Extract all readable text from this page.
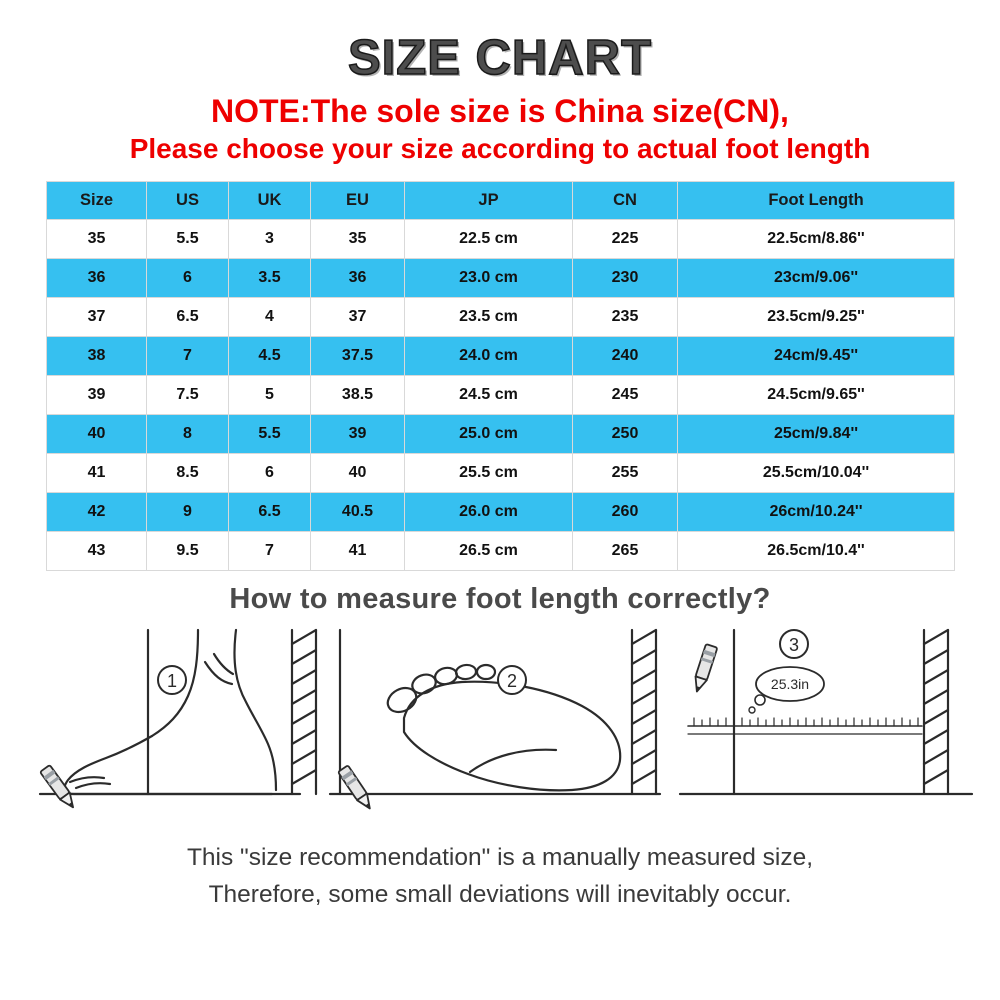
SIZE CHART

NOTE:The sole size is China size(CN),

Please choose your size according to actual foot length

Size	US	UK	EU	JP	CN	Foot Length
35	5.5	3	35	22.5 cm	225	22.5cm/8.86''
36	6	3.5	36	23.0 cm	230	23cm/9.06''
37	6.5	4	37	23.5 cm	235	23.5cm/9.25''
38	7	4.5	37.5	24.0 cm	240	24cm/9.45''
39	7.5	5	38.5	24.5 cm	245	24.5cm/9.65''
40	8	5.5	39	25.0 cm	250	25cm/9.84''
41	8.5	6	40	25.5 cm	255	25.5cm/10.04''
42	9	6.5	40.5	26.0 cm	260	26cm/10.24''
43	9.5	7	41	26.5 cm	265	26.5cm/10.4''
How to measure foot length correctly?
1	2	25.3in
3
This "size recommendation" is a manually measured size,
Therefore, some small deviations will inevitably occur.
